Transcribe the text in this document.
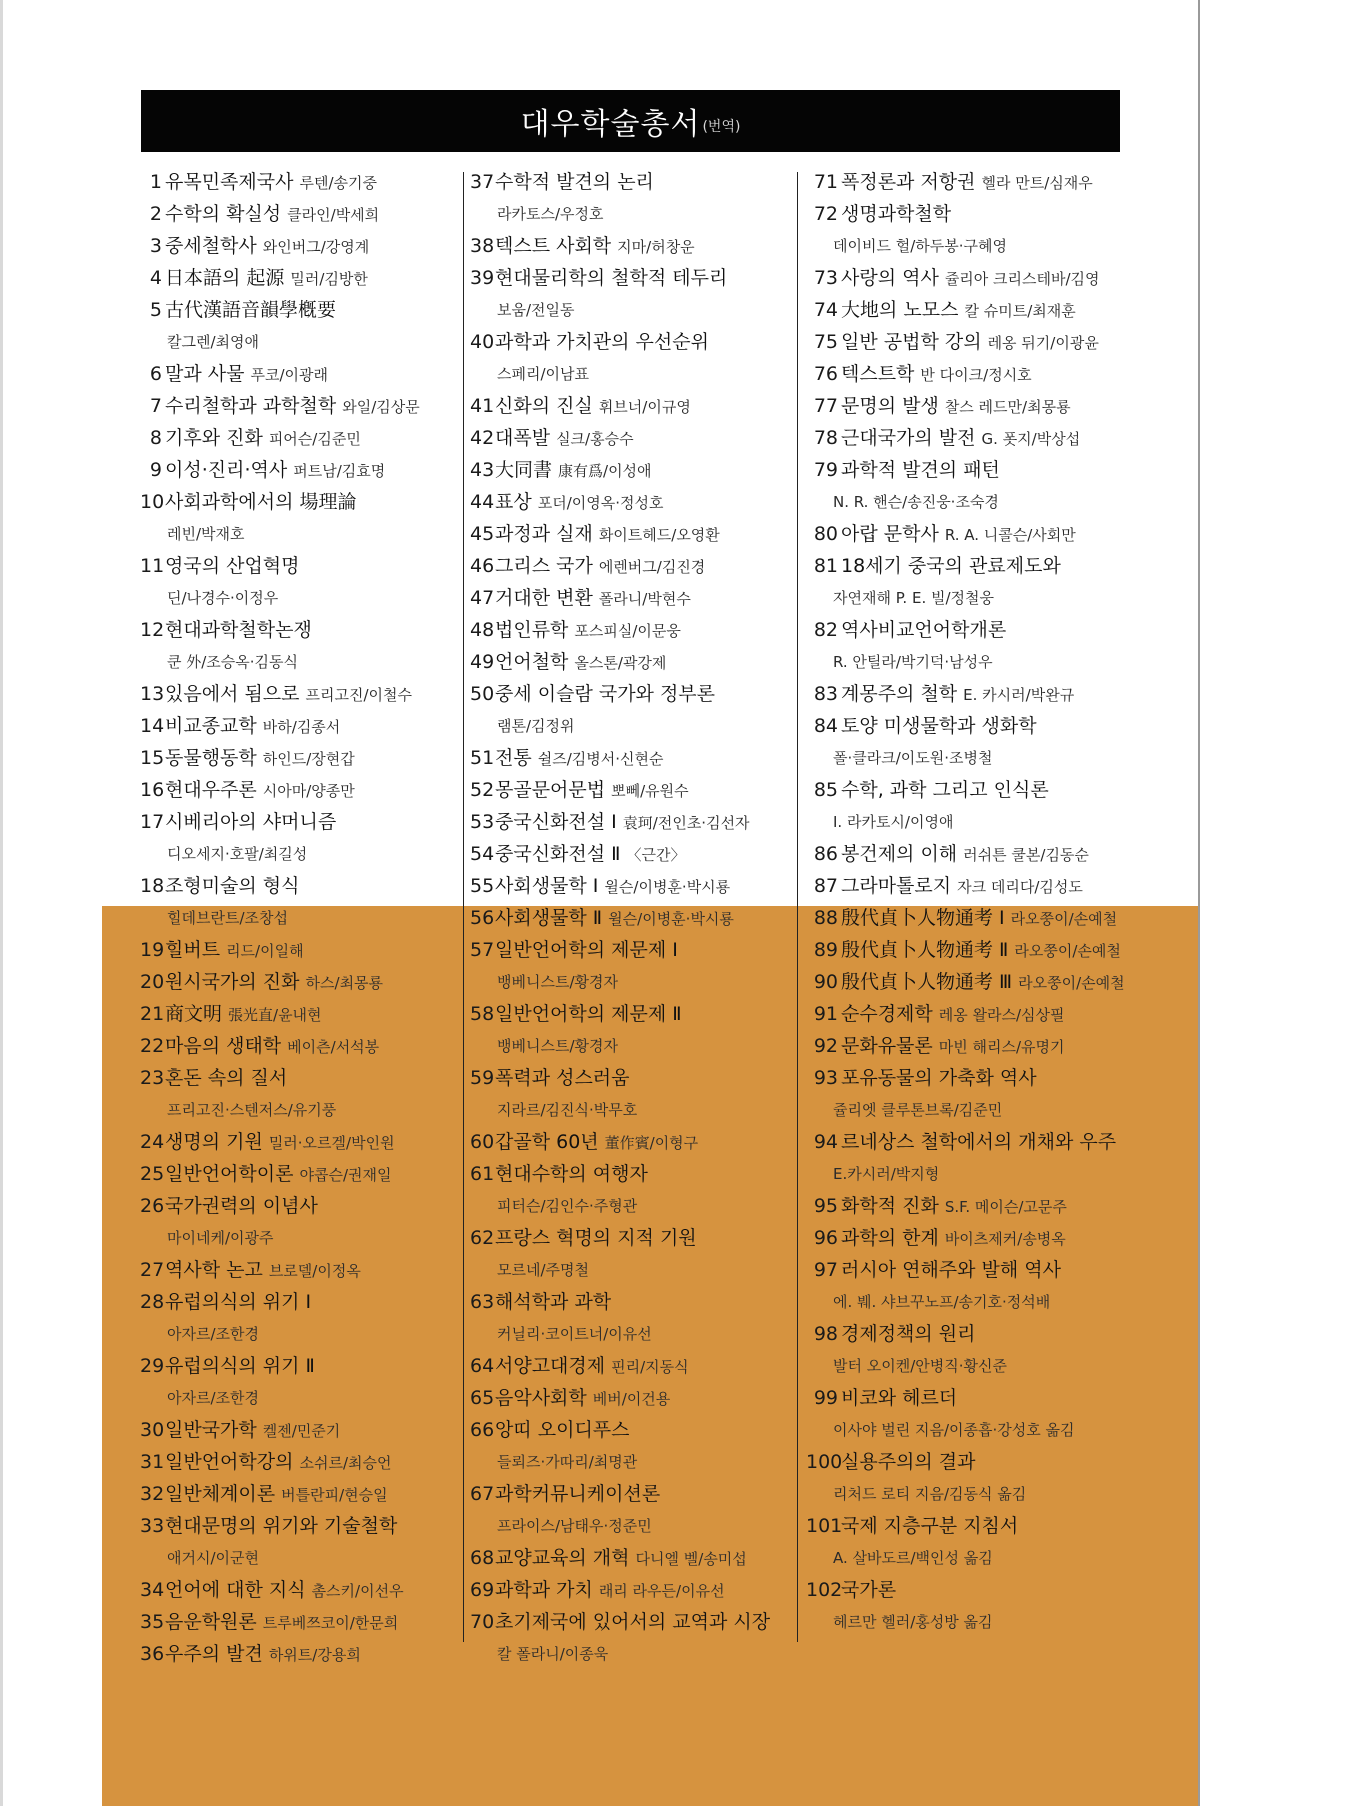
대우학술총서 (번역)
1 유목민족제국사 루텐/송기중
2 수학의 확실성 클라인/박세희
3 중세철학사 와인버그/강영계
4 日本語의 起源 밀러/김방한
5 古代漢語音韻學槪要
칼그렌/최영애
6 말과 사물 푸코/이광래
7 수리철학과 과학철학 와일/김상문
8 기후와 진화 피어슨/김준민
9 이성·진리·역사 퍼트남/김효명
10사회과학에서의 場理論
레빈/박재호
11영국의 산업혁명
딘/나경수·이정우
12현대과학철학논쟁
쿤 外/조승옥·김동식
13있음에서 됨으로 프리고진/이철수
14비교종교학 바하/김종서
15동물행동학 하인드/장현갑
16현대우주론 시아마/양종만
17시베리아의 샤머니즘
디오세지·호팔/최길성
18조형미술의 형식
힐데브란트/조창섭
19힐버트 리드/이일해
20원시국가의 진화 하스/최몽룡
21商文明 張光直/윤내현
22마음의 생태학 베이츤/서석봉
23혼돈 속의 질서
프리고진·스텐저스/유기풍
24생명의 기원 밀러·오르겔/박인원
25일반언어학이론 야콥슨/권재일
26국가권력의 이념사
마이네케/이광주
27역사학 논고 브로델/이정옥
28유럽의식의 위기 Ⅰ
아자르/조한경
29유럽의식의 위기 Ⅱ
아자르/조한경
30일반국가학 켈젠/민준기
31일반언어학강의 소쉬르/최승언
32일반체계이론 버틀란피/현승일
33현대문명의 위기와 기술철학
애거시/이군현
34언어에 대한 지식 촘스키/이선우
35음운학원론 트루베쯔코이/한문희
36우주의 발견 하위트/강용희
37수학적 발견의 논리
라카토스/우정호
38텍스트 사회학 지마/허창운
39현대물리학의 철학적 테두리
보움/전일동
40과학과 가치관의 우선순위
스페리/이남표
41신화의 진실 휘브너/이규영
42대폭발 실크/홍승수
43大同書 康有爲/이성애
44표상 포더/이영옥·정성호
45과정과 실재 화이트헤드/오영환
46그리스 국가 에렌버그/김진경
47거대한 변환 폴라니/박현수
48법인류학 포스피실/이문웅
49언어철학 올스톤/곽강제
50중세 이슬람 국가와 정부론
램톤/김정위
51전통 쉴즈/김병서·신현순
52몽골문어문법 뽀뻬/유원수
53중국신화전설 Ⅰ 袁珂/전인초·김선자
54중국신화전설 Ⅱ 〈근간〉
55사회생물학 Ⅰ 윌슨/이병훈·박시룡
56사회생물학 Ⅱ 윌슨/이병훈·박시룡
57일반언어학의 제문제 Ⅰ
뱅베니스트/황경자
58일반언어학의 제문제 Ⅱ
뱅베니스트/황경자
59폭력과 성스러움
지라르/김진식·박무호
60갑골학 60년 董作賓/이형구
61현대수학의 여행자
피터슨/김인수·주형관
62프랑스 혁명의 지적 기원
모르네/주명철
63해석학과 과학
커닐리·코이트너/이유선
64서양고대경제 핀리/지동식
65음악사회학 베버/이건용
66앙띠 오이디푸스
들뢰즈·가따리/최명관
67과학커뮤니케이션론
프라이스/남태우·정준민
68교양교육의 개혁 다니엘 벨/송미섭
69과학과 가치 래리 라우든/이유선
70초기제국에 있어서의 교역과 시장
칼 폴라니/이종욱
71 폭정론과 저항권 헬라 만트/심재우
72 생명과학철학
데이비드 헐/하두봉·구혜영
73 사랑의 역사 쥴리아 크리스테바/김영
74 大地의 노모스 칼 슈미트/최재훈
75 일반 공법학 강의 레옹 뒤기/이광윤
76 텍스트학 반 다이크/정시호
77 문명의 발생 찰스 레드만/최몽룡
78 근대국가의 발전 G. 폿지/박상섭
79 과학적 발견의 패턴
N. R. 핸슨/송진웅·조숙경
80 아랍 문학사 R. A. 니콜슨/사회만
81 18세기 중국의 관료제도와
자연재해 P. E. 빌/정철웅
82 역사비교언어학개론
R. 안틸라/박기덕·남성우
83 계몽주의 철학 E. 카시러/박완규
84 토양 미생물학과 생화학
폴·클라크/이도원·조병철
85 수학, 과학 그리고 인식론
I. 라카토시/이영애
86 봉건제의 이해 러쉬튼 쿨본/김동순
87 그라마톨로지 자크 데리다/김성도
88 殷代貞卜人物通考 Ⅰ 라오쭝이/손예철
89 殷代貞卜人物通考 Ⅱ 라오쭝이/손예철
90 殷代貞卜人物通考 Ⅲ 라오쭝이/손예철
91 순수경제학 레옹 왈라스/심상필
92 문화유물론 마빈 해리스/유명기
93 포유동물의 가축화 역사
쥴리엣 클루톤브록/김준민
94 르네상스 철학에서의 개채와 우주
E.카시러/박지형
95 화학적 진화 S.F. 메이슨/고문주
96 과학의 한계 바이츠제커/송병옥
97 러시아 연해주와 발해 역사
에. 붸. 샤브꾸노프/송기호·정석배
98 경제정책의 원리
발터 오이켄/안병직·황신준
99 비코와 헤르더
이사야 벌린 지음/이종흡·강성호 옮김
100실용주의의 결과
리처드 로티 지음/김동식 옮김
101국제 지층구분 지침서
A. 살바도르/백인성 옮김
102국가론
헤르만 헬러/홍성방 옮김
